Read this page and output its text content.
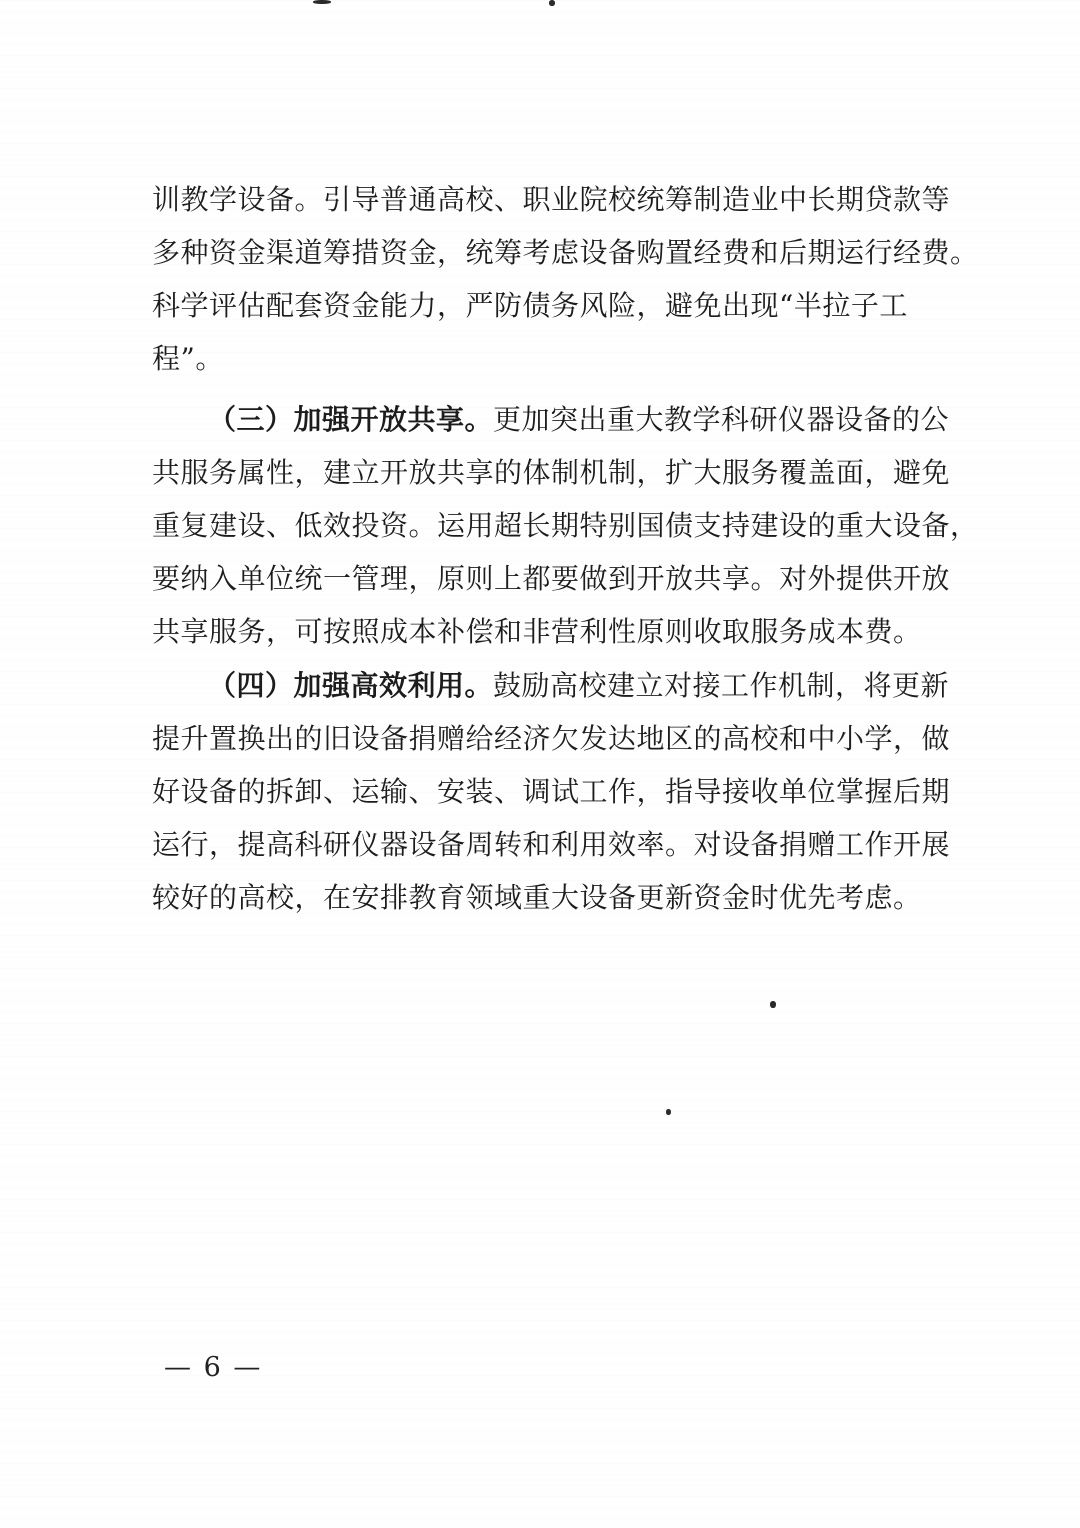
训教学设备。引导普通高校、职业院校统筹制造业中长期贷款等
多种资金渠道筹措资金，统筹考虑设备购置经费和后期运行经费。
科学评估配套资金能力，严防债务风险，避免出现“半拉子工
程”。
（三）加强开放共享。更加突出重大教学科研仪器设备的公
共服务属性，建立开放共享的体制机制，扩大服务覆盖面，避免
重复建设、低效投资。运用超长期特别国债支持建设的重大设备，
要纳入单位统一管理，原则上都要做到开放共享。对外提供开放
共享服务，可按照成本补偿和非营利性原则收取服务成本费。
（四）加强高效利用。鼓励高校建立对接工作机制，将更新
提升置换出的旧设备捐赠给经济欠发达地区的高校和中小学，做
好设备的拆卸、运输、安装、调试工作，指导接收单位掌握后期
运行，提高科研仪器设备周转和利用效率。对设备捐赠工作开展
较好的高校，在安排教育领域重大设备更新资金时优先考虑。
— 6 —
